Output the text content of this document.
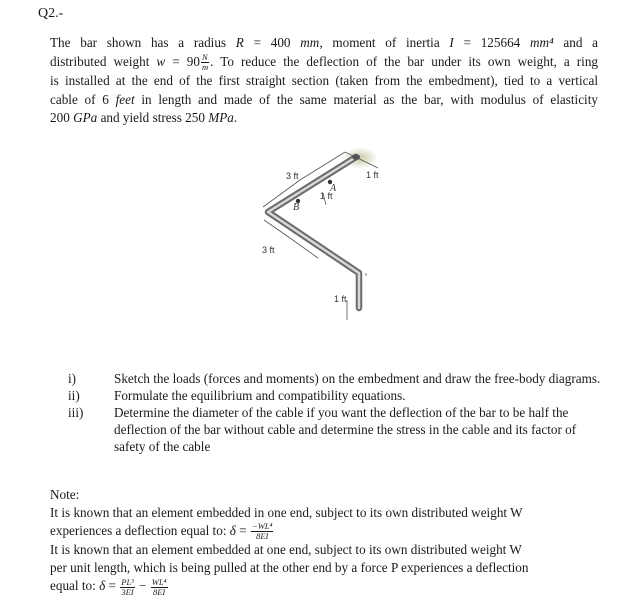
Q2.-
The bar shown has a radius R = 400 mm, moment of inertia I = 125664 mm⁴ and a
distributed weight $w = 90 \frac{N}{m}$ . To reduce the deflection of the bar under its own weight, a ring
is installed at the end of the first straight section (taken from the embedment), tied to a vertical
cable of 6 feet in length and made of the same material as the bar, with modulus of elasticity
200 GPa and yield stress 250 MPa.
3 ft	1 ft
1 ft
3 ft
1 ft
A
B
i)	Sketch the loads (forces and moments) on the embedment and draw the free-body diagrams.
ii)	Formulate the equilibrium and compatibility equations.
iii)	Determine the diameter of the cable if you want the deflection of the bar to be half the deflection of the bar without cable and determine the stress in the cable and its factor of safety of the cable
Note:
It is known that an element embedded in one end, subject to its own distributed weight W
experiences a deflection equal to: $\delta = \frac{\text{−WL⁴}}{8EI}$
It is known that an element embedded at one end, subject to its own distributed weight W
per unit length, which is being pulled at the other end by a force P experiences a deflection
equal to: $\delta = \frac{\text{PL³}}{3EI} - \frac{\text{WL⁴}}{8EI}$
